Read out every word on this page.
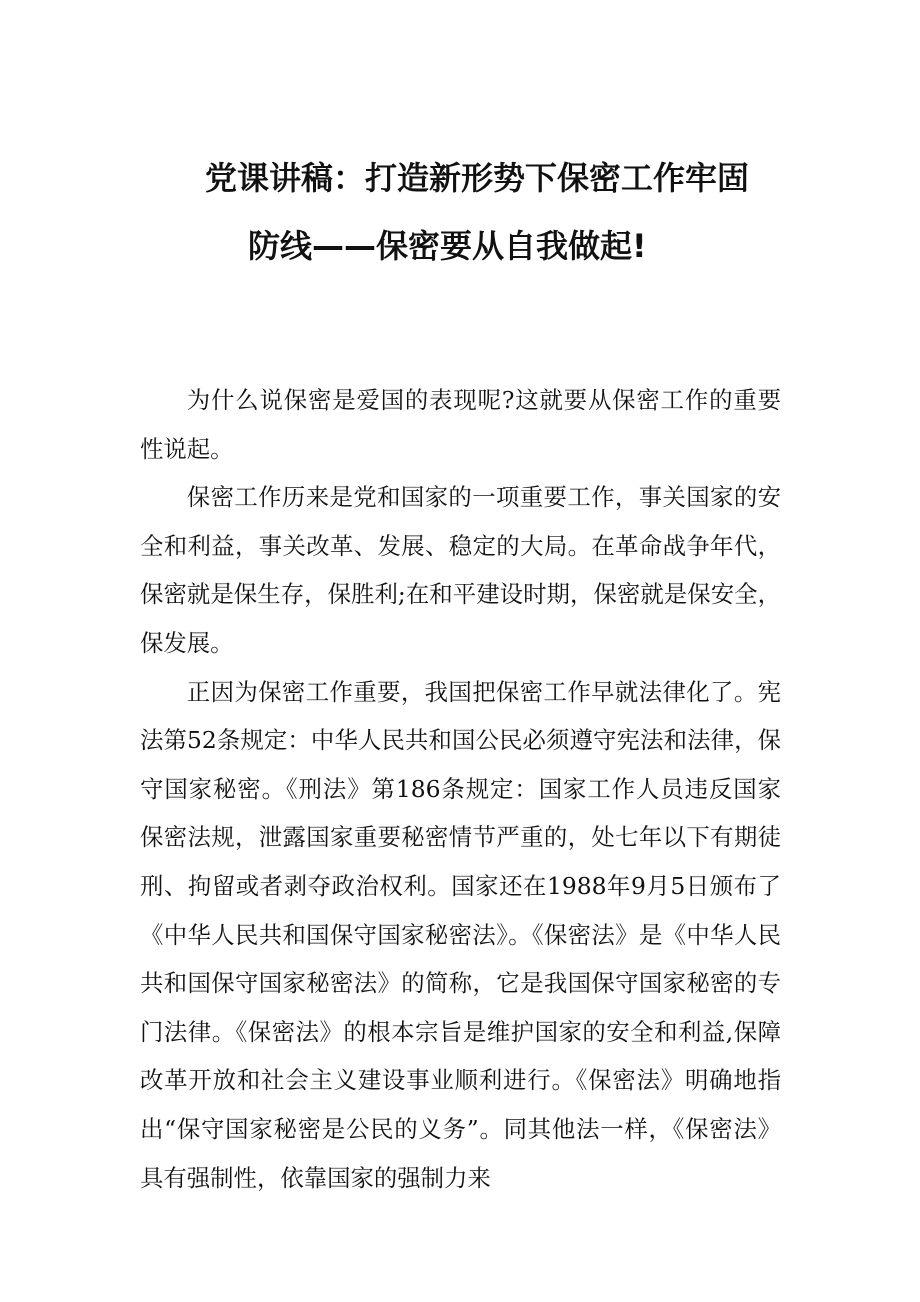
党课讲稿：打造新形势下保密工作牢固
防线——保密要从自我做起!

为什么说保密是爱国的表现呢?这就要从保密工作的重要性说起。

保密工作历来是党和国家的一项重要工作，事关国家的安全和利益，事关改革、发展、稳定的大局。在革命战争年代，保密就是保生存，保胜利;在和平建设时期，保密就是保安全，保发展。

正因为保密工作重要，我国把保密工作早就法律化了。宪法第52条规定：中华人民共和国公民必须遵守宪法和法律，保守国家秘密。《刑法》第186条规定：国家工作人员违反国家保密法规，泄露国家重要秘密情节严重的，处七年以下有期徒刑、拘留或者剥夺政治权利。国家还在1988年9月5日颁布了《中华人民共和国保守国家秘密法》。《保密法》是《中华人民共和国保守国家秘密法》的简称，它是我国保守国家秘密的专门法律。《保密法》的根本宗旨是维护国家的安全和利益,保障改革开放和社会主义建设事业顺利进行。《保密法》明确地指出“保守国家秘密是公民的义务”。同其他法一样，《保密法》具有强制性，依靠国家的强制力来
